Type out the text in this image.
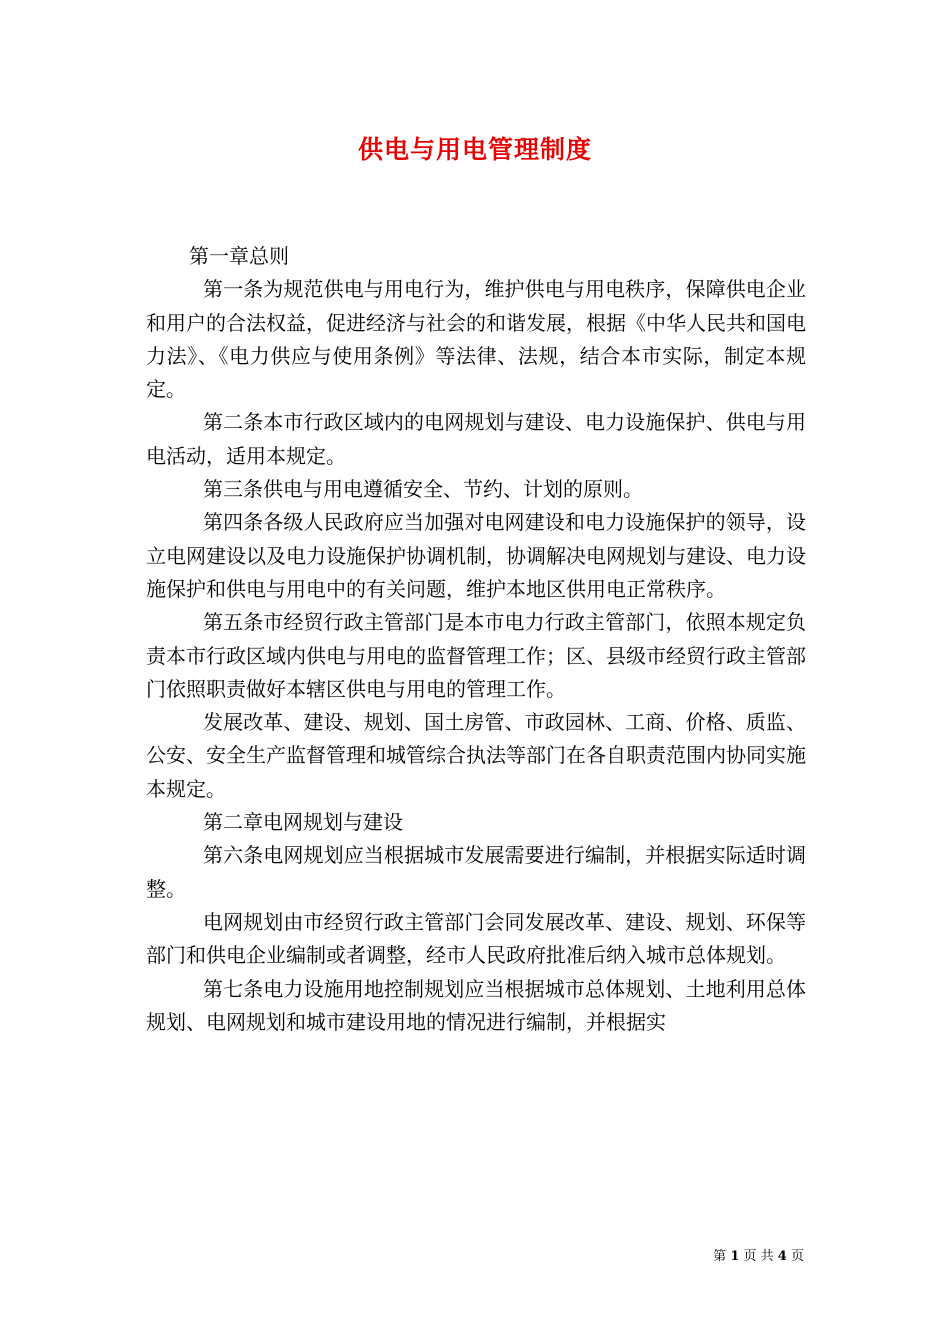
供电与用电管理制度

第一章总则

第一条为规范供电与用电行为，维护供电与用电秩序，保障供电企业和用户的合法权益，促进经济与社会的和谐发展，根据《中华人民共和国电力法》、《电力供应与使用条例》等法律、法规，结合本市实际，制定本规定。

第二条本市行政区域内的电网规划与建设、电力设施保护、供电与用电活动，适用本规定。

第三条供电与用电遵循安全、节约、计划的原则。

第四条各级人民政府应当加强对电网建设和电力设施保护的领导，设立电网建设以及电力设施保护协调机制，协调解决电网规划与建设、电力设施保护和供电与用电中的有关问题，维护本地区供用电正常秩序。

第五条市经贸行政主管部门是本市电力行政主管部门，依照本规定负责本市行政区域内供电与用电的监督管理工作；区、县级市经贸行政主管部门依照职责做好本辖区供电与用电的管理工作。

发展改革、建设、规划、国土房管、市政园林、工商、价格、质监、公安、安全生产监督管理和城管综合执法等部门在各自职责范围内协同实施本规定。

第二章电网规划与建设

第六条电网规划应当根据城市发展需要进行编制，并根据实际适时调整。

电网规划由市经贸行政主管部门会同发展改革、建设、规划、环保等部门和供电企业编制或者调整，经市人民政府批准后纳入城市总体规划。

第七条电力设施用地控制规划应当根据城市总体规划、土地利用总体规划、电网规划和城市建设用地的情况进行编制，并根据实

第 1 页 共 4 页
